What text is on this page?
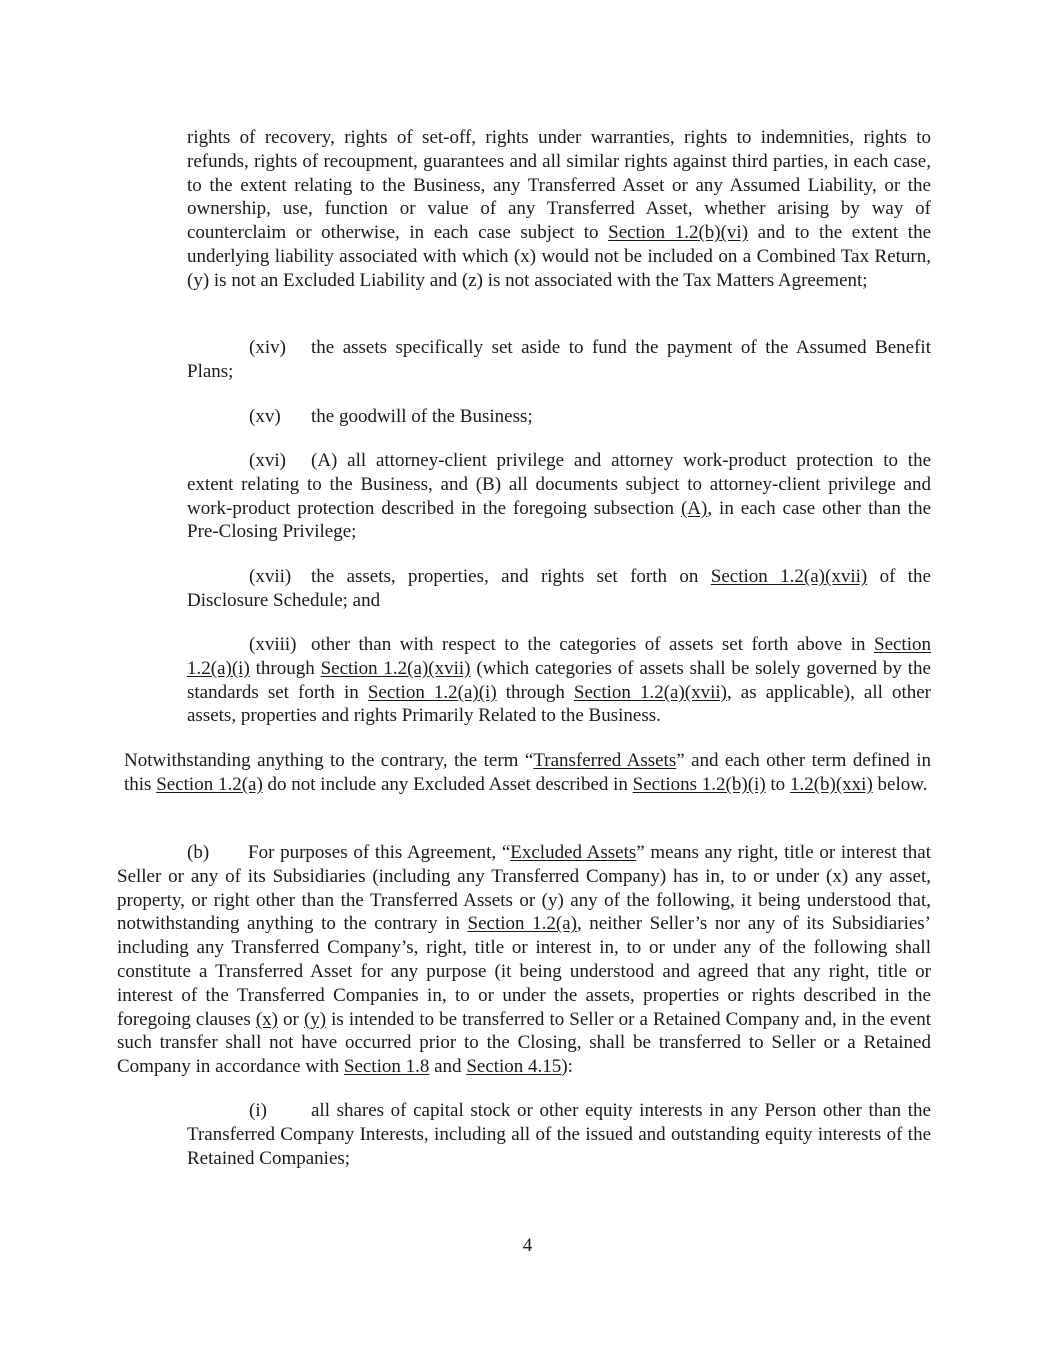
rights of recovery, rights of set-off, rights under warranties, rights to indemnities, rights to refunds, rights of recoupment, guarantees and all similar rights against third parties, in each case, to the extent relating to the Business, any Transferred Asset or any Assumed Liability, or the ownership, use, function or value of any Transferred Asset, whether arising by way of counterclaim or otherwise, in each case subject to Section 1.2(b)(vi) and to the extent the underlying liability associated with which (x) would not be included on a Combined Tax Return, (y) is not an Excluded Liability and (z) is not associated with the Tax Matters Agreement;

(xiv) the assets specifically set aside to fund the payment of the Assumed Benefit Plans;

(xv) the goodwill of the Business;

(xvi) (A) all attorney-client privilege and attorney work-product protection to the extent relating to the Business, and (B) all documents subject to attorney-client privilege and work-product protection described in the foregoing subsection (A), in each case other than the Pre-Closing Privilege;

(xvii) the assets, properties, and rights set forth on Section 1.2(a)(xvii) of the Disclosure Schedule; and

(xviii) other than with respect to the categories of assets set forth above in Section 1.2(a)(i) through Section 1.2(a)(xvii) (which categories of assets shall be solely governed by the standards set forth in Section 1.2(a)(i) through Section 1.2(a)(xvii), as applicable), all other assets, properties and rights Primarily Related to the Business.

Notwithstanding anything to the contrary, the term “Transferred Assets” and each other term defined in this Section 1.2(a) do not include any Excluded Asset described in Sections 1.2(b)(i) to 1.2(b)(xxi) below.

(b) For purposes of this Agreement, “Excluded Assets” means any right, title or interest that Seller or any of its Subsidiaries (including any Transferred Company) has in, to or under (x) any asset, property, or right other than the Transferred Assets or (y) any of the following, it being understood that, notwithstanding anything to the contrary in Section 1.2(a), neither Seller’s nor any of its Subsidiaries’ including any Transferred Company’s, right, title or interest in, to or under any of the following shall constitute a Transferred Asset for any purpose (it being understood and agreed that any right, title or interest of the Transferred Companies in, to or under the assets, properties or rights described in the foregoing clauses (x) or (y) is intended to be transferred to Seller or a Retained Company and, in the event such transfer shall not have occurred prior to the Closing, shall be transferred to Seller or a Retained Company in accordance with Section 1.8 and Section 4.15):

(i) all shares of capital stock or other equity interests in any Person other than the Transferred Company Interests, including all of the issued and outstanding equity interests of the Retained Companies;

4
